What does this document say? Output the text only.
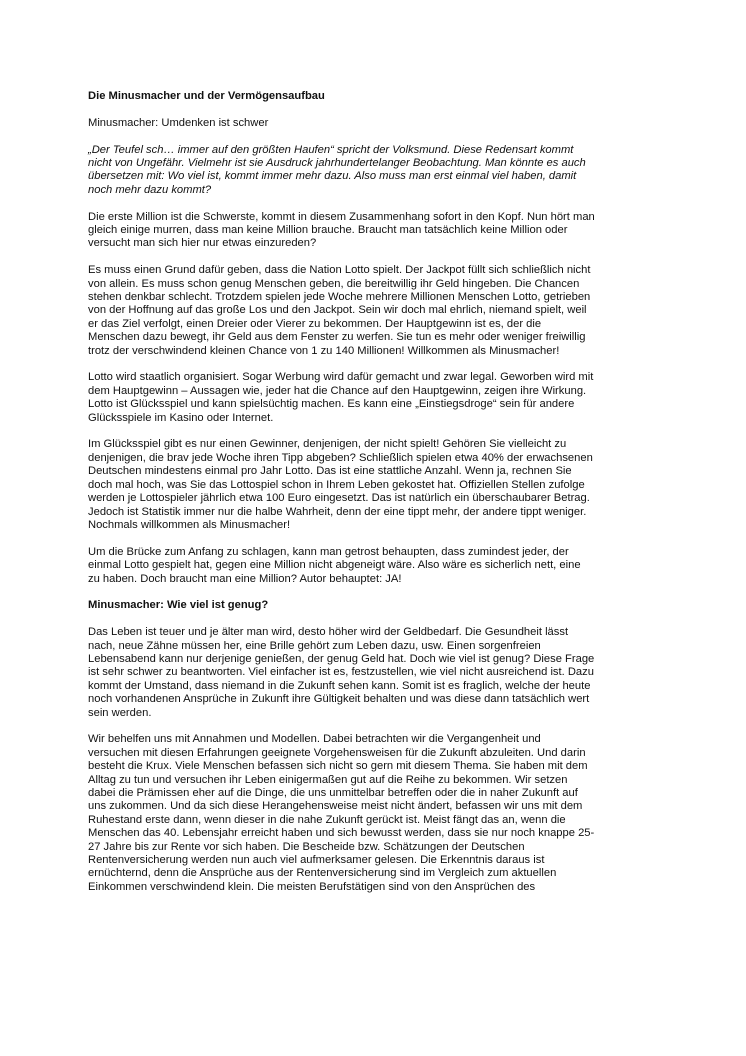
Die Minusmacher und der Vermögensaufbau

Minusmacher: Umdenken ist schwer

„Der Teufel sch… immer auf den größten Haufen“ spricht der Volksmund. Diese Redensart kommt
nicht von Ungefähr. Vielmehr ist sie Ausdruck jahrhundertelanger Beobachtung. Man könnte es auch
übersetzen mit: Wo viel ist, kommt immer mehr dazu. Also muss man erst einmal viel haben, damit
noch mehr dazu kommt?

Die erste Million ist die Schwerste, kommt in diesem Zusammenhang sofort in den Kopf. Nun hört man
gleich einige murren, dass man keine Million brauche. Braucht man tatsächlich keine Million oder
versucht man sich hier nur etwas einzureden?

Es muss einen Grund dafür geben, dass die Nation Lotto spielt. Der Jackpot füllt sich schließlich nicht
von allein. Es muss schon genug Menschen geben, die bereitwillig ihr Geld hingeben. Die Chancen
stehen denkbar schlecht. Trotzdem spielen jede Woche mehrere Millionen Menschen Lotto, getrieben
von der Hoffnung auf das große Los und den Jackpot. Sein wir doch mal ehrlich, niemand spielt, weil
er das Ziel verfolgt, einen Dreier oder Vierer zu bekommen. Der Hauptgewinn ist es, der die
Menschen dazu bewegt, ihr Geld aus dem Fenster zu werfen. Sie tun es mehr oder weniger freiwillig
trotz der verschwindend kleinen Chance von 1 zu 140 Millionen! Willkommen als Minusmacher!

Lotto wird staatlich organisiert. Sogar Werbung wird dafür gemacht und zwar legal. Geworben wird mit
dem Hauptgewinn – Aussagen wie, jeder hat die Chance auf den Hauptgewinn, zeigen ihre Wirkung.
Lotto ist Glücksspiel und kann spielsüchtig machen. Es kann eine „Einstiegsdroge“ sein für andere
Glücksspiele im Kasino oder Internet.

Im Glücksspiel gibt es nur einen Gewinner, denjenigen, der nicht spielt! Gehören Sie vielleicht zu
denjenigen, die brav jede Woche ihren Tipp abgeben? Schließlich spielen etwa 40% der erwachsenen
Deutschen mindestens einmal pro Jahr Lotto. Das ist eine stattliche Anzahl. Wenn ja, rechnen Sie
doch mal hoch, was Sie das Lottospiel schon in Ihrem Leben gekostet hat. Offiziellen Stellen zufolge
werden je Lottospieler jährlich etwa 100 Euro eingesetzt. Das ist natürlich ein überschaubarer Betrag.
Jedoch ist Statistik immer nur die halbe Wahrheit, denn der eine tippt mehr, der andere tippt weniger.
Nochmals willkommen als Minusmacher!

Um die Brücke zum Anfang zu schlagen, kann man getrost behaupten, dass zumindest jeder, der
einmal Lotto gespielt hat, gegen eine Million nicht abgeneigt wäre. Also wäre es sicherlich nett, eine
zu haben. Doch braucht man eine Million? Autor behauptet: JA!

Minusmacher: Wie viel ist genug?

Das Leben ist teuer und je älter man wird, desto höher wird der Geldbedarf. Die Gesundheit lässt
nach, neue Zähne müssen her, eine Brille gehört zum Leben dazu, usw. Einen sorgenfreien
Lebensabend kann nur derjenige genießen, der genug Geld hat. Doch wie viel ist genug? Diese Frage
ist sehr schwer zu beantworten. Viel einfacher ist es, festzustellen, wie viel nicht ausreichend ist. Dazu
kommt der Umstand, dass niemand in die Zukunft sehen kann. Somit ist es fraglich, welche der heute
noch vorhandenen Ansprüche in Zukunft ihre Gültigkeit behalten und was diese dann tatsächlich wert
sein werden.

Wir behelfen uns mit Annahmen und Modellen. Dabei betrachten wir die Vergangenheit und
versuchen mit diesen Erfahrungen geeignete Vorgehensweisen für die Zukunft abzuleiten. Und darin
besteht die Krux. Viele Menschen befassen sich nicht so gern mit diesem Thema. Sie haben mit dem
Alltag zu tun und versuchen ihr Leben einigermaßen gut auf die Reihe zu bekommen. Wir setzen
dabei die Prämissen eher auf die Dinge, die uns unmittelbar betreffen oder die in naher Zukunft auf
uns zukommen. Und da sich diese Herangehensweise meist nicht ändert, befassen wir uns mit dem
Ruhestand erste dann, wenn dieser in die nahe Zukunft gerückt ist. Meist fängt das an, wenn die
Menschen das 40. Lebensjahr erreicht haben und sich bewusst werden, dass sie nur noch knappe 25-
27 Jahre bis zur Rente vor sich haben. Die Bescheide bzw. Schätzungen der Deutschen
Rentenversicherung werden nun auch viel aufmerksamer gelesen. Die Erkenntnis daraus ist
ernüchternd, denn die Ansprüche aus der Rentenversicherung sind im Vergleich zum aktuellen
Einkommen verschwindend klein. Die meisten Berufstätigen sind von den Ansprüchen des
